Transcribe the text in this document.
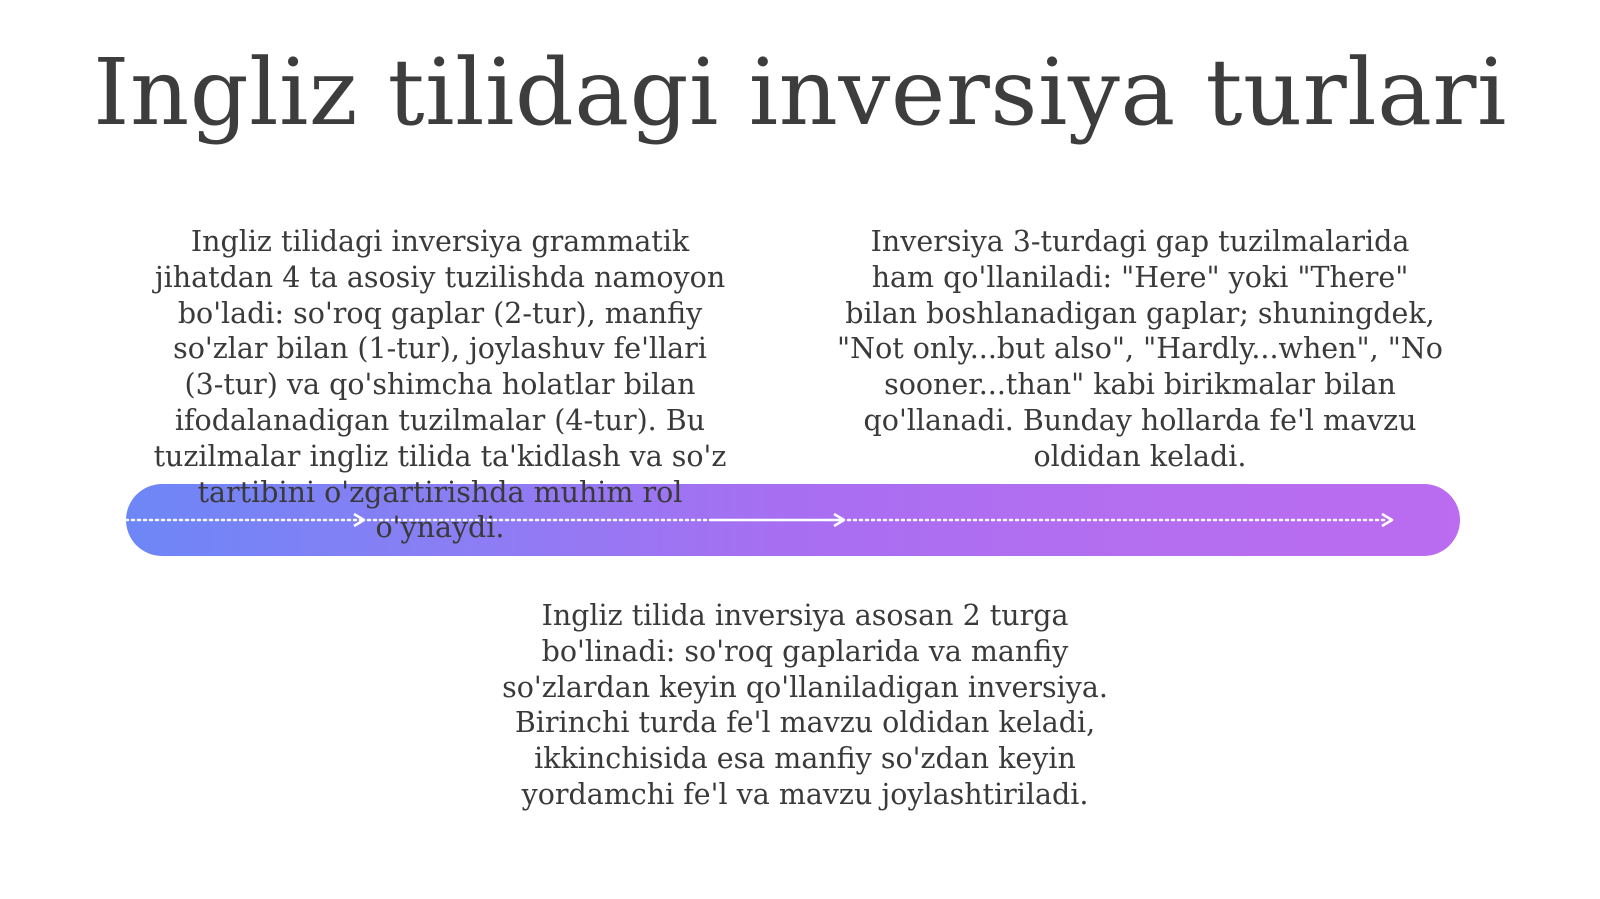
Ingliz tilidagi inversiya turlari

Ingliz tilidagi inversiya grammatik jihatdan 4 ta asosiy tuzilishda namoyon bo'ladi: so'roq gaplar (2-tur), manfiy so'zlar bilan (1-tur), joylashuv fe'llari (3-tur) va qo'shimcha holatlar bilan ifodalanadigan tuzilmalar (4-tur). Bu tuzilmalar ingliz tilida ta'kidlash va so'z tartibini o'zgartirishda muhim rol o'ynaydi.

Inversiya 3-turdagi gap tuzilmalarida ham qo'llaniladi: "Here" yoki "There" bilan boshlanadigan gaplar; shuningdek, "Not only...but also", "Hardly...when", "No sooner...than" kabi birikmalar bilan qo'llanadi. Bunday hollarda fe'l mavzu oldidan keladi.

Ingliz tilida inversiya asosan 2 turga bo'linadi: so'roq gaplarida va manfiy so'zlardan keyin qo'llaniladigan inversiya. Birinchi turda fe'l mavzu oldidan keladi, ikkinchisida esa manfiy so'zdan keyin yordamchi fe'l va mavzu joylashtiriladi.
